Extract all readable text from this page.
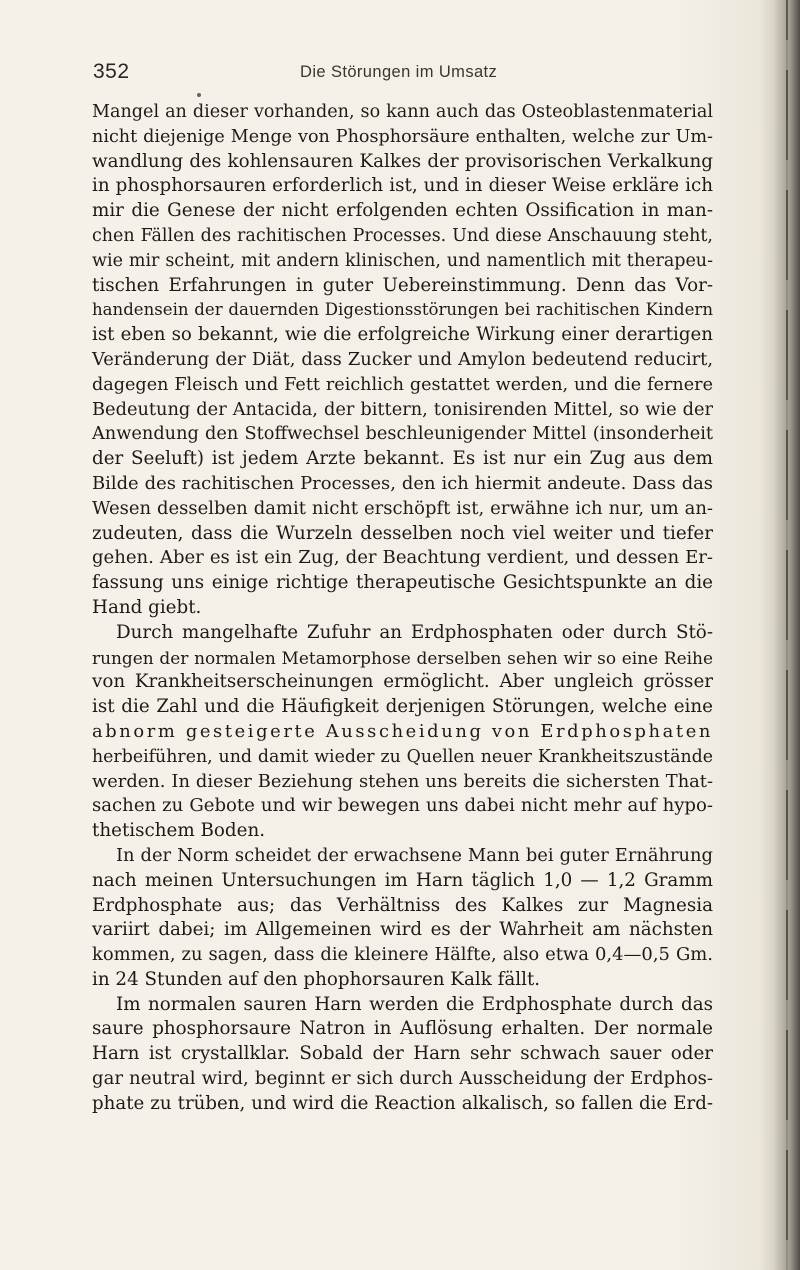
352	Die Störungen im Umsatz
Mangel an dieser vorhanden, so kann auch das Osteoblastenmaterial
nicht diejenige Menge von Phosphorsäure enthalten, welche zur Um-
wandlung des kohlensauren Kalkes der provisorischen Verkalkung
in phosphorsauren erforderlich ist, und in dieser Weise erkläre ich
mir die Genese der nicht erfolgenden echten Ossification in man-
chen Fällen des rachitischen Processes. Und diese Anschauung steht,
wie mir scheint, mit andern klinischen, und namentlich mit therapeu-
tischen Erfahrungen in guter Uebereinstimmung. Denn das Vor-
handensein der dauernden Digestionsstörungen bei rachitischen Kindern
ist eben so bekannt, wie die erfolgreiche Wirkung einer derartigen
Veränderung der Diät, dass Zucker und Amylon bedeutend reducirt,
dagegen Fleisch und Fett reichlich gestattet werden, und die fernere
Bedeutung der Antacida, der bittern, tonisirenden Mittel, so wie der
Anwendung den Stoffwechsel beschleunigender Mittel (insonderheit
der Seeluft) ist jedem Arzte bekannt. Es ist nur ein Zug aus dem
Bilde des rachitischen Processes, den ich hiermit andeute. Dass das
Wesen desselben damit nicht erschöpft ist, erwähne ich nur, um an-
zudeuten, dass die Wurzeln desselben noch viel weiter und tiefer
gehen. Aber es ist ein Zug, der Beachtung verdient, und dessen Er-
fassung uns einige richtige therapeutische Gesichtspunkte an die
Hand giebt.
Durch mangelhafte Zufuhr an Erdphosphaten oder durch Stö-
rungen der normalen Metamorphose derselben sehen wir so eine Reihe
von Krankheitserscheinungen ermöglicht. Aber ungleich grösser
ist die Zahl und die Häufigkeit derjenigen Störungen, welche eine
abnorm gesteigerte Ausscheidung von Erdphosphaten
herbeiführen, und damit wieder zu Quellen neuer Krankheitszustände
werden. In dieser Beziehung stehen uns bereits die sichersten That-
sachen zu Gebote und wir bewegen uns dabei nicht mehr auf hypo-
thetischem Boden.
In der Norm scheidet der erwachsene Mann bei guter Ernährung
nach meinen Untersuchungen im Harn täglich 1,0 — 1,2 Gramm
Erdphosphate aus; das Verhältniss des Kalkes zur Magnesia
variirt dabei; im Allgemeinen wird es der Wahrheit am nächsten
kommen, zu sagen, dass die kleinere Hälfte, also etwa 0,4—0,5 Gm.
in 24 Stunden auf den phophorsauren Kalk fällt.
Im normalen sauren Harn werden die Erdphosphate durch das
saure phosphorsaure Natron in Auflösung erhalten. Der normale
Harn ist crystallklar. Sobald der Harn sehr schwach sauer oder
gar neutral wird, beginnt er sich durch Ausscheidung der Erdphos-
phate zu trüben, und wird die Reaction alkalisch, so fallen die Erd-
